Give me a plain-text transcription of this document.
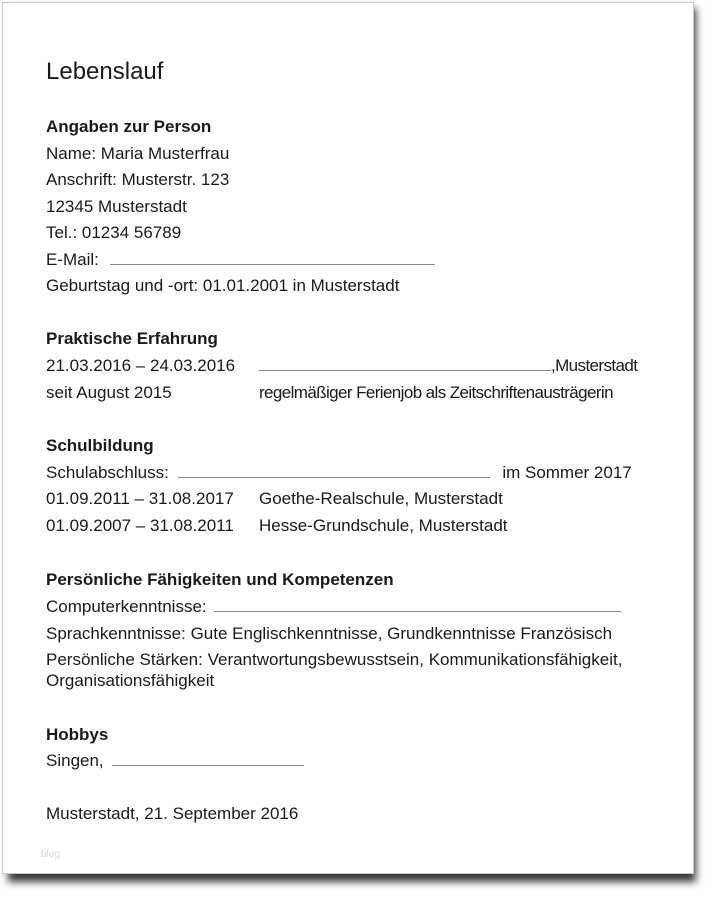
Lebenslauf
Angaben zur Person
Name: Maria Musterfrau
Anschrift: Musterstr. 123
12345 Musterstadt
Tel.: 01234 56789
E-Mail:
Geburtstag und -ort: 01.01.2001 in Musterstadt
Praktische Erfahrung
21.03.2016 – 24.03.2016	,Musterstadt
seit August 2015	regelmäßiger Ferienjob als Zeitschriftenausträgerin
Schulbildung
Schulabschluss:	im Sommer 2017
01.09.2011 – 31.08.2017 Goethe-Realschule, Musterstadt
01.09.2007 – 31.08.2011 Hesse-Grundschule, Musterstadt
Persönliche Fähigkeiten und Kompetenzen
Computerkenntnisse:
Sprachkenntnisse: Gute Englischkenntnisse, Grundkenntnisse Französisch
Persönliche Stärken: Verantwortungsbewusstsein, Kommunikationsfähigkeit,
Organisationsfähigkeit
Hobbys
Singen,
Musterstadt, 21. September 2016
blog
